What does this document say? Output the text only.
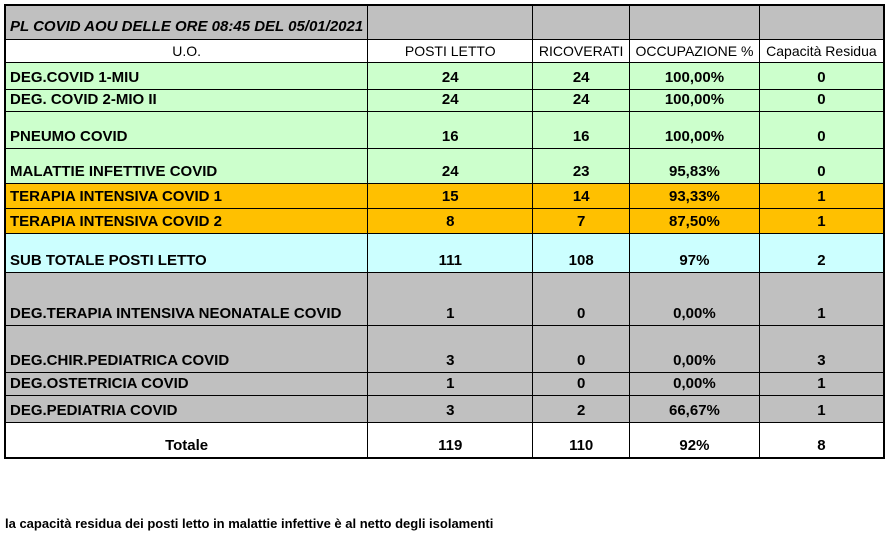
PL COVID AOU DELLE ORE 08:45 DEL 05/01/2021				
U.O.	POSTI LETTO	RICOVERATI	OCCUPAZIONE %	Capacità Residua
DEG.COVID 1-MIU	24	24	100,00%	0
DEG. COVID 2-MIO II	24	24	100,00%	0
PNEUMO COVID	16	16	100,00%	0
MALATTIE INFETTIVE COVID	24	23	95,83%	0
TERAPIA INTENSIVA COVID 1	15	14	93,33%	1
TERAPIA INTENSIVA COVID 2	8	7	87,50%	1
SUB TOTALE POSTI LETTO	111	108	97%	2
DEG.TERAPIA INTENSIVA NEONATALE COVID	1	0	0,00%	1
DEG.CHIR.PEDIATRICA COVID	3	0	0,00%	3
DEG.OSTETRICIA COVID	1	0	0,00%	1
DEG.PEDIATRIA COVID	3	2	66,67%	1
Totale	119	110	92%	8
la capacità residua dei posti letto in malattie infettive è al netto degli isolamenti
